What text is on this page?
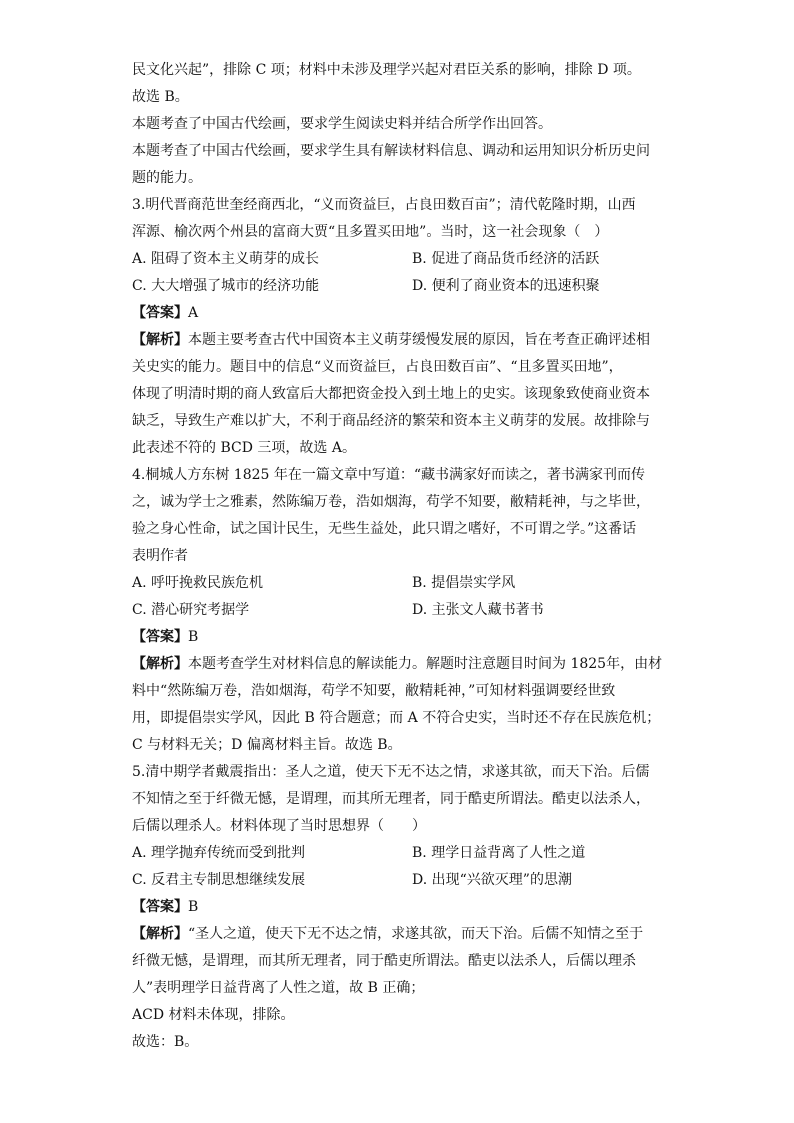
民文化兴起”，排除 C 项；材料中未涉及理学兴起对君臣关系的影响，排除 D 项。
故选 B。
本题考查了中国古代绘画，要求学生阅读史料并结合所学作出回答。
本题考查了中国古代绘画，要求学生具有解读材料信息、调动和运用知识分析历史问
题的能力。
3.明代晋商范世奎经商西北，“义而资益巨，占良田数百亩”；清代乾隆时期，山西
浑源、榆次两个州县的富商大贾“且多置买田地”。当时，这一社会现象（　）
A. 阻碍了资本主义萌芽的成长	B. 促进了商品货币经济的活跃
C. 大大增强了城市的经济功能	D. 便利了商业资本的迅速积聚
【答案】A
【解析】本题主要考查古代中国资本主义萌芽缓慢发展的原因，旨在考查正确评述相
关史实的能力。题目中的信息“义而资益巨，占良田数百亩”、“且多置买田地”，
体现了明清时期的商人致富后大都把资金投入到土地上的史实。该现象致使商业资本
缺乏，导致生产难以扩大，不利于商品经济的繁荣和资本主义萌芽的发展。故排除与
此表述不符的 BCD 三项，故选 A。
4.桐城人方东树 1825 年在一篇文章中写道：“藏书满家好而读之，著书满家刊而传
之，诚为学士之雅素，然陈编万卷，浩如烟海，苟学不知要，敝精耗神，与之毕世，
验之身心性命，试之国计民生，无些生益处，此只谓之嗜好，不可谓之学。”这番话
表明作者
A. 呼吁挽救民族危机	B. 提倡崇实学风
C. 潜心研究考据学	D. 主张文人藏书著书
【答案】B
【解析】本题考查学生对材料信息的解读能力。解题时注意题目时间为 1825年，由材
料中“然陈编万卷，浩如烟海，苟学不知要，敝精耗神，”可知材料强调要经世致
用，即提倡崇实学风，因此 B 符合题意；而 A 不符合史实，当时还不存在民族危机；
C 与材料无关；D 偏离材料主旨。故选 B。
5.清中期学者戴震指出：圣人之道，使天下无不达之情，求遂其欲，而天下治。后儒
不知情之至于纤微无憾，是谓理，而其所无理者，同于酷吏所谓法。酷吏以法杀人，
后儒以理杀人。材料体现了当时思想界（　　）
A. 理学抛弃传统而受到批判	B. 理学日益背离了人性之道
C. 反君主专制思想继续发展	D. 出现“兴欲灭理”的思潮
【答案】B
【解析】“圣人之道，使天下无不达之情，求遂其欲，而天下治。后儒不知情之至于
纤微无憾，是谓理，而其所无理者，同于酷吏所谓法。酷吏以法杀人，后儒以理杀
人”表明理学日益背离了人性之道，故 B 正确；
ACD 材料未体现，排除。
故选：B。
